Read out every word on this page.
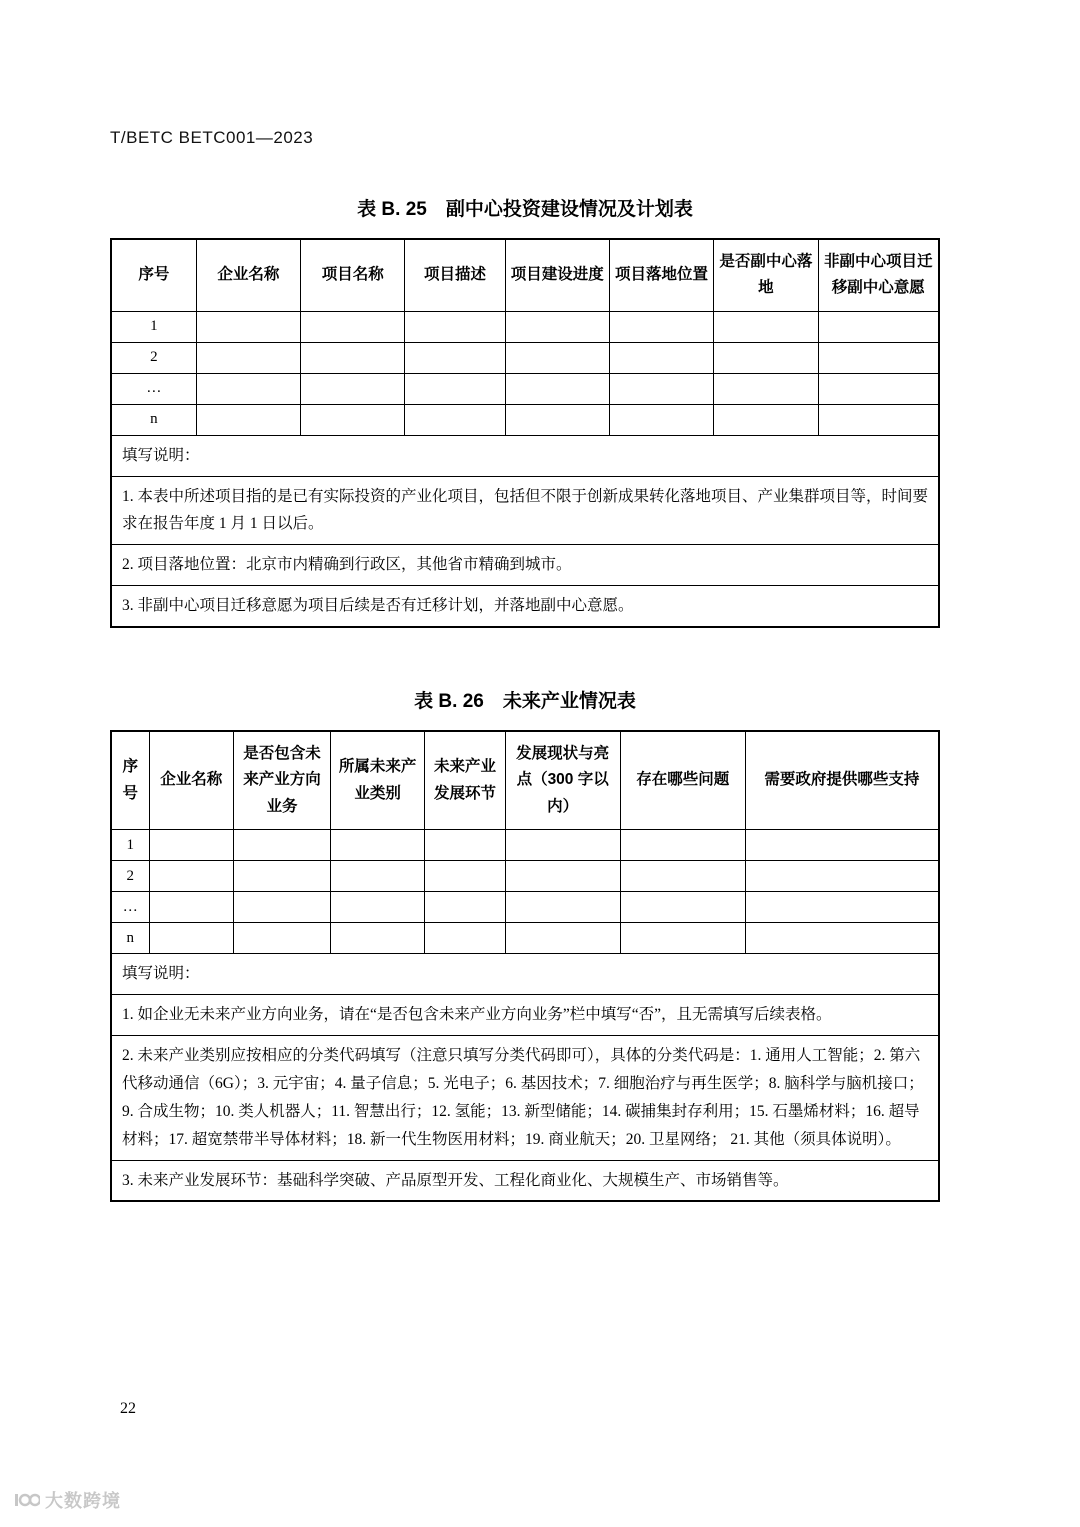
T/BETC BETC001—2023
表 B. 25　副中心投资建设情况及计划表
序号	企业名称	项目名称	项目描述	项目建设进度	项目落地位置	是否副中心落地	非副中心项目迁移副中心意愿
1							
2							
…							
n							
填写说明：							
1. 本表中所述项目指的是已有实际投资的产业化项目，包括但不限于创新成果转化落地项目、产业集群项目等，时间要求在报告年度 1 月 1 日以后。							
2. 项目落地位置：北京市内精确到行政区，其他省市精确到城市。							
3. 非副中心项目迁移意愿为项目后续是否有迁移计划，并落地副中心意愿。							
表 B. 26　未来产业情况表
序号	企业名称	是否包含未来产业方向业务	所属未来产业类别	未来产业发展环节	发展现状与亮点（300 字以内）	存在哪些问题	需要政府提供哪些支持
1							
2							
…							
n							
填写说明：							
1. 如企业无未来产业方向业务，请在“是否包含未来产业方向业务”栏中填写“否”，且无需填写后续表格。							
2. 未来产业类别应按相应的分类代码填写（注意只填写分类代码即可），具体的分类代码是：1. 通用人工智能；2. 第六代移动通信（6G）；3. 元宇宙；4. 量子信息；5. 光电子；6. 基因技术；7. 细胞治疗与再生医学；8. 脑科学与脑机接口；9. 合成生物；10. 类人机器人；11. 智慧出行；12. 氢能；13. 新型储能；14. 碳捕集封存利用；15. 石墨烯材料；16. 超导材料；17. 超宽禁带半导体材料；18. 新一代生物医用材料；19. 商业航天；20. 卫星网络； 21. 其他（须具体说明）。							
3. 未来产业发展环节：基础科学突破、产品原型开发、工程化商业化、大规模生产、市场销售等。							
22
大数跨境
